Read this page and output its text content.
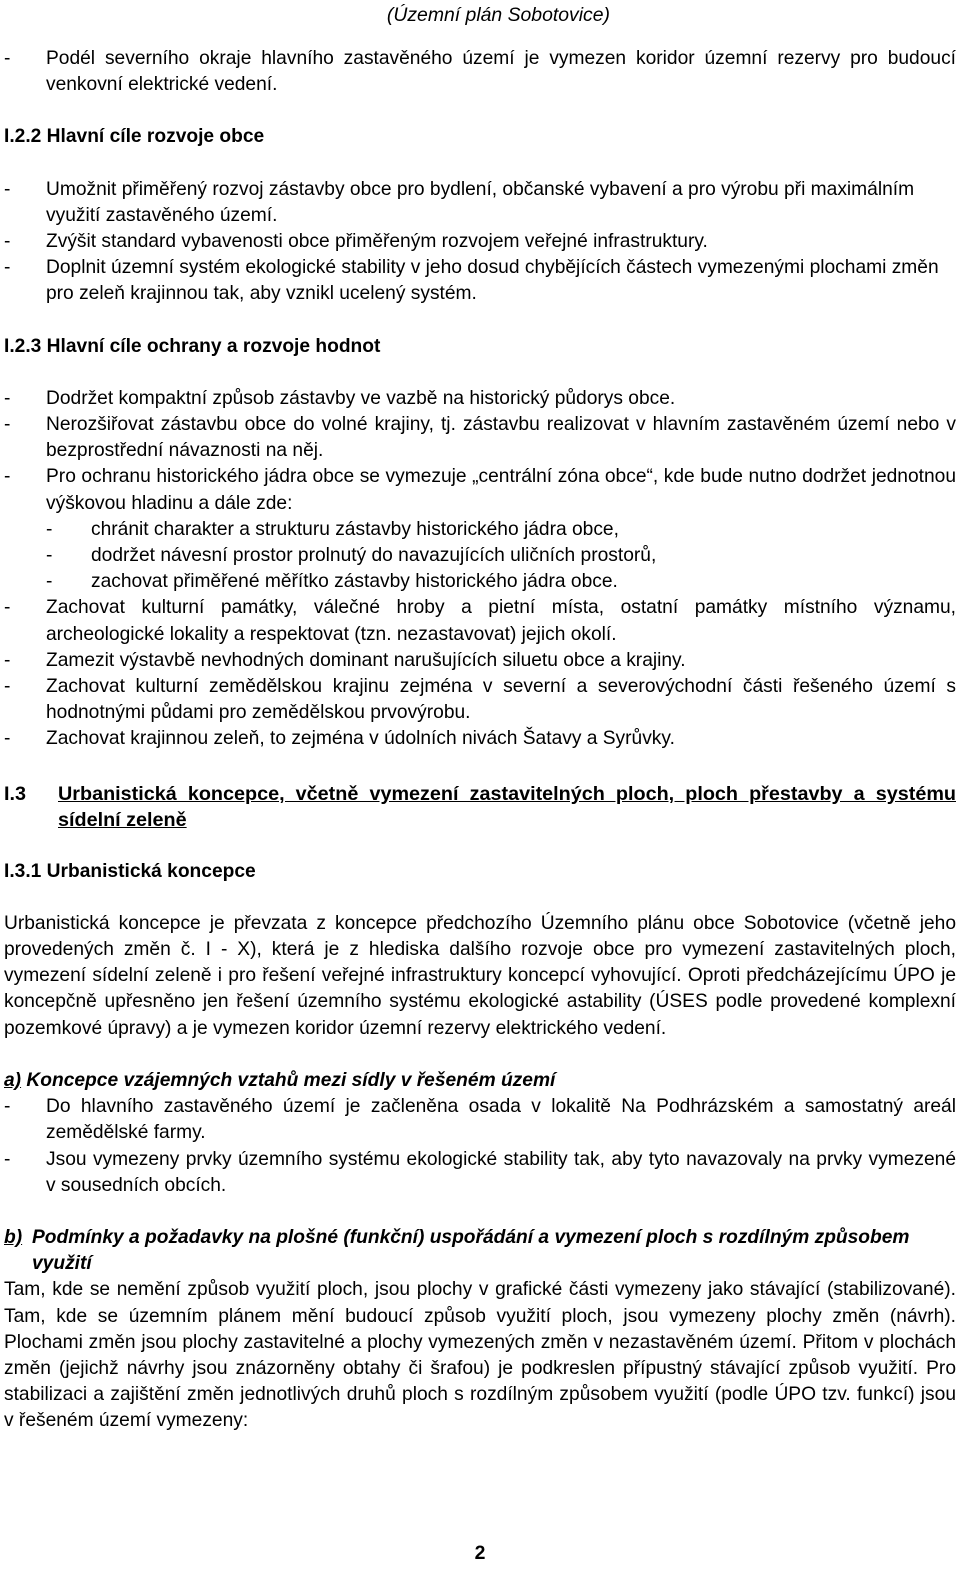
(Územní plán Sobotovice)
- Podél severního okraje hlavního zastavěného území je vymezen koridor územní rezervy pro budoucí venkovní elektrické vedení.
I.2.2 Hlavní cíle rozvoje obce
- Umožnit přiměřený rozvoj zástavby obce pro bydlení, občanské vybavení a pro výrobu při maximálním využití zastavěného území.
- Zvýšit standard vybavenosti obce přiměřeným rozvojem veřejné infrastruktury.
- Doplnit územní systém ekologické stability v jeho dosud chybějících částech vymezenými plochami změn pro zeleň krajinnou tak, aby vznikl ucelený systém.
I.2.3 Hlavní cíle ochrany a rozvoje hodnot
- Dodržet kompaktní způsob zástavby ve vazbě na historický půdorys obce.
- Nerozšiřovat zástavbu obce do volné krajiny, tj. zástavbu realizovat v hlavním zastavěném území nebo v bezprostřední návaznosti na něj.
- Pro ochranu historického jádra obce se vymezuje „centrální zóna obce“, kde bude nutno dodržet jednotnou výškovou hladinu a dále zde:
- chránit charakter a strukturu zástavby historického jádra obce,
- dodržet návesní prostor prolnutý do navazujících uličních prostorů,
- zachovat přiměřené měřítko zástavby historického jádra obce.
- Zachovat kulturní památky, válečné hroby a pietní místa, ostatní památky místního významu, archeologické lokality a respektovat (tzn. nezastavovat) jejich okolí.
- Zamezit výstavbě nevhodných dominant narušujících siluetu obce a krajiny.
- Zachovat kulturní zemědělskou krajinu zejména v severní a severovýchodní části řešeného území s hodnotnými půdami pro zemědělskou prvovýrobu.
- Zachovat krajinnou zeleň, to zejména v údolních nivách Šatavy a Syrůvky.
I.3	Urbanistická koncepce, včetně vymezení zastavitelných ploch, ploch přestavby a systému sídelní zeleně
I.3.1 Urbanistická koncepce
Urbanistická koncepce je převzata z koncepce předchozího Územního plánu obce Sobotovice (včetně jeho provedených změn č. I - X), která je z hlediska dalšího rozvoje obce pro vymezení zastavitelných ploch, vymezení sídelní zeleně i pro řešení veřejné infrastruktury koncepcí vyhovující. Oproti předcházejícímu ÚPO je koncepčně upřesněno jen řešení územního systému ekologické astability (ÚSES podle provedené komplexní pozemkové úpravy) a je vymezen koridor územní rezervy elektrického vedení.
a) Koncepce vzájemných vztahů mezi sídly v řešeném území
- Do hlavního zastavěného území je začleněna osada v lokalitě Na Podhrázském a samostatný areál zemědělské farmy.
- Jsou vymezeny prvky územního systému ekologické stability tak, aby tyto navazovaly na prvky vymezené v sousedních obcích.
b) Podmínky a požadavky na plošné (funkční) uspořádání a vymezení ploch s rozdílným způsobem využití
Tam, kde se nemění způsob využití ploch, jsou plochy v grafické části vymezeny jako stávající (stabilizované). Tam, kde se územním plánem mění budoucí způsob využití ploch, jsou vymezeny plochy změn (návrh). Plochami změn jsou plochy zastavitelné a plochy vymezených změn v nezastavěném území. Přitom v plochách změn (jejichž návrhy jsou znázorněny obtahy či šrafou) je podkreslen přípustný stávající způsob využití. Pro stabilizaci a zajištění změn jednotlivých druhů ploch s rozdílným způsobem využití (podle ÚPO tzv. funkcí) jsou v řešeném území vymezeny:
2
